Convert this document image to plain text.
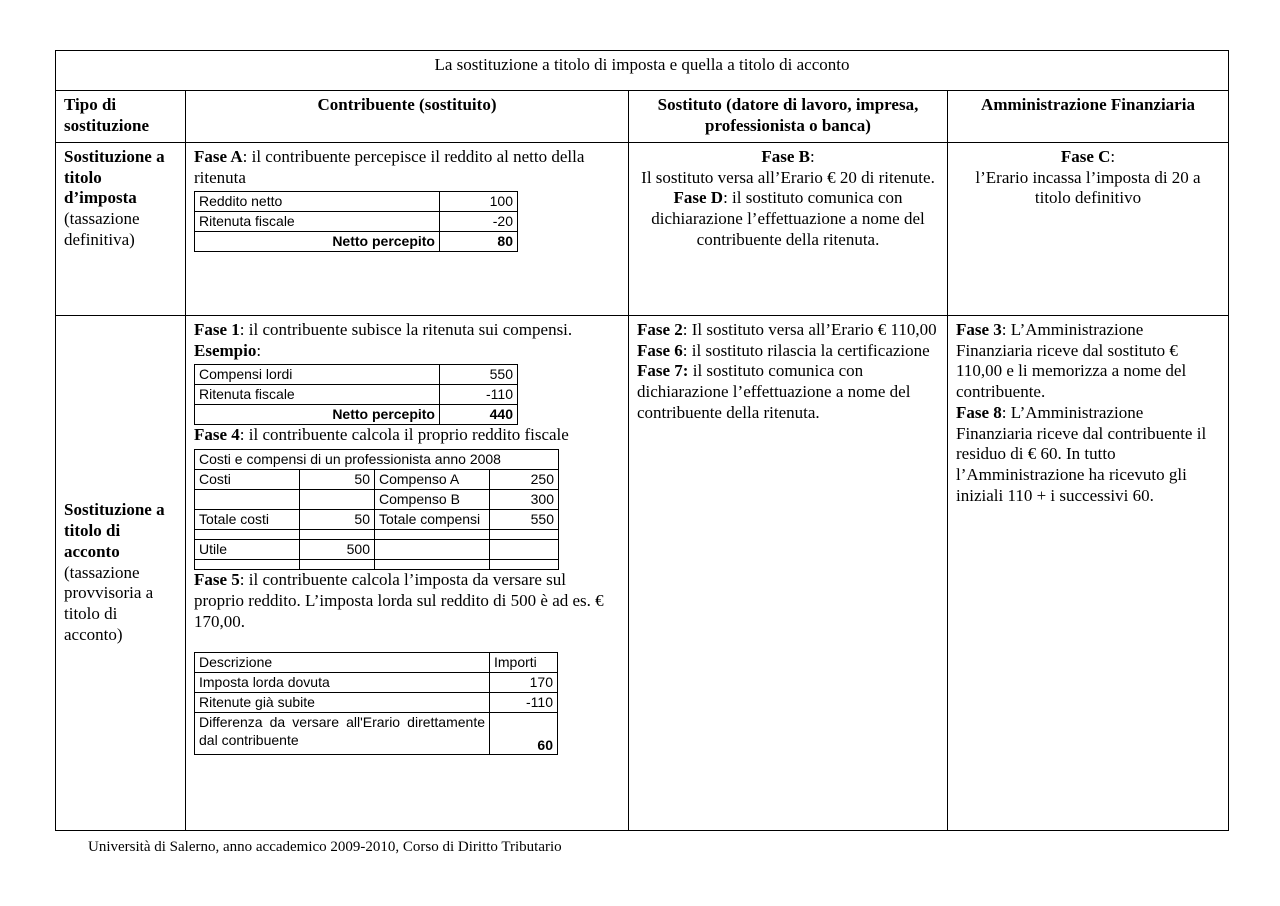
La sostituzione a titolo di imposta e quella a titolo di acconto
Tipo di sostituzione	Contribuente (sostituito)	Sostituto (datore di lavoro, impresa, professionista o banca)	Amministrazione Finanziaria

Sostituzione a titolo d’imposta
(tassazione definitiva)

Fase A: il contribuente percepisce il reddito al netto della ritenuta

Reddito netto	100
Ritenuta fiscale	-20
Netto percepito	80

Fase B:
Il sostituto versa all’Erario € 20 di ritenute.

Fase D: il sostituto comunica con dichiarazione l’effettuazione a nome del contribuente della ritenuta.

Fase C:
l’Erario incassa l’imposta di 20 a titolo definitivo

Sostituzione a titolo di acconto
(tassazione provvisoria a titolo di acconto)

Fase 1: il contribuente subisce la ritenuta sui compensi.

Esempio:

Compensi lordi	550
Ritenuta fiscale	-110
Netto percepito	440

Fase 4: il contribuente calcola il proprio reddito fiscale

Costi e compensi di un professionista anno 2008
Costi	50	Compenso A	250
		Compenso B	300
Totale costi	50	Totale compensi	550

Utile	500		

Fase 5: il contribuente calcola l’imposta da versare sul proprio reddito. L’imposta lorda sul reddito di 500 è ad es. € 170,00.

Descrizione	Importi
Imposta lorda dovuta	170
Ritenute già subite	-110
Differenza da versare all'Erario direttamente dal contribuente	60

Fase 2: Il sostituto versa all’Erario € 110,00

Fase 6: il sostituto rilascia la certificazione

Fase 7: il sostituto comunica con dichiarazione l’effettuazione a nome del contribuente della ritenuta.

Fase 3: L’Amministrazione Finanziaria riceve dal sostituto € 110,00 e li memorizza a nome del contribuente.

Fase 8: L’Amministrazione Finanziaria riceve dal contribuente il residuo di € 60. In tutto l’Amministrazione ha ricevuto gli iniziali 110 + i successivi 60.

Università di Salerno, anno accademico 2009-2010, Corso di Diritto Tributario
